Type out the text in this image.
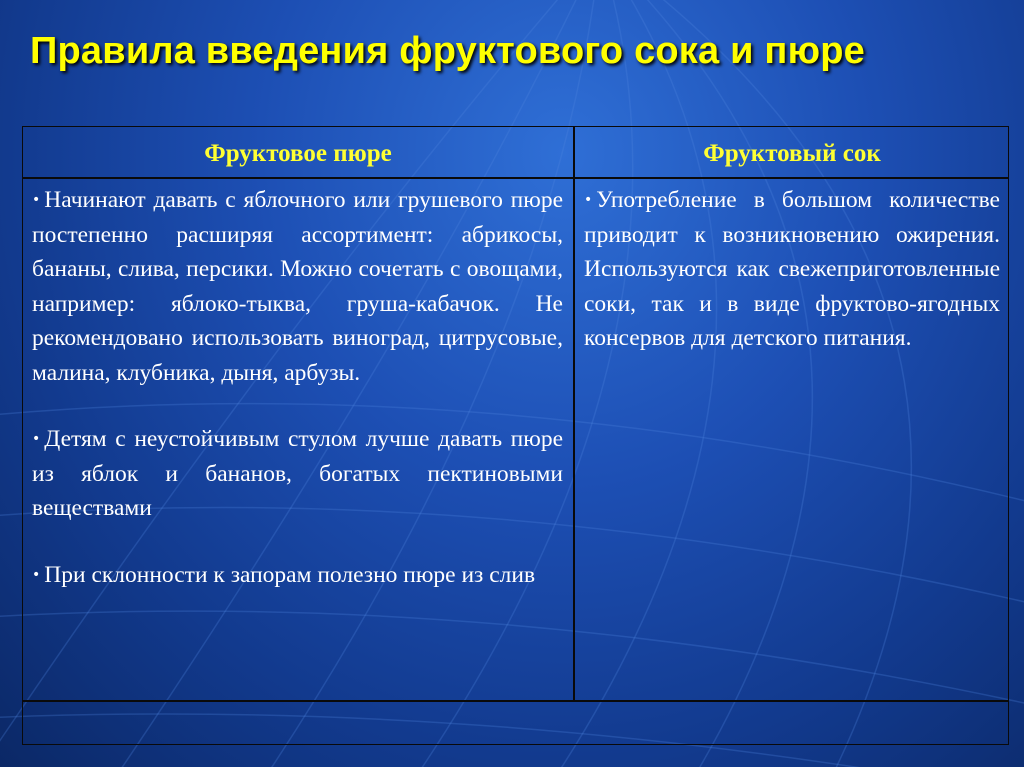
Правила введения фруктового сока и пюре
Фруктовое пюре	Фруктовый сок

• Начинают давать с яблочного или грушевого пюре постепенно расширяя ассортимент: абрикосы, бананы, слива, персики. Можно сочетать с овощами, например: яблоко-тыква, груша-кабачок. Не рекомендовано использовать виноград, цитрусовые, малина, клубника, дыня, арбузы.

• Детям с неустойчивым стулом лучше давать пюре из яблок и бананов, богатых пектиновыми веществами

• При склонности к запорам полезно пюре из слив

• Употребление в большом количестве приводит к возникновению ожирения. Используются как свежеприготовленные соки, так и в виде фруктово-ягодных консервов для детского питания.
